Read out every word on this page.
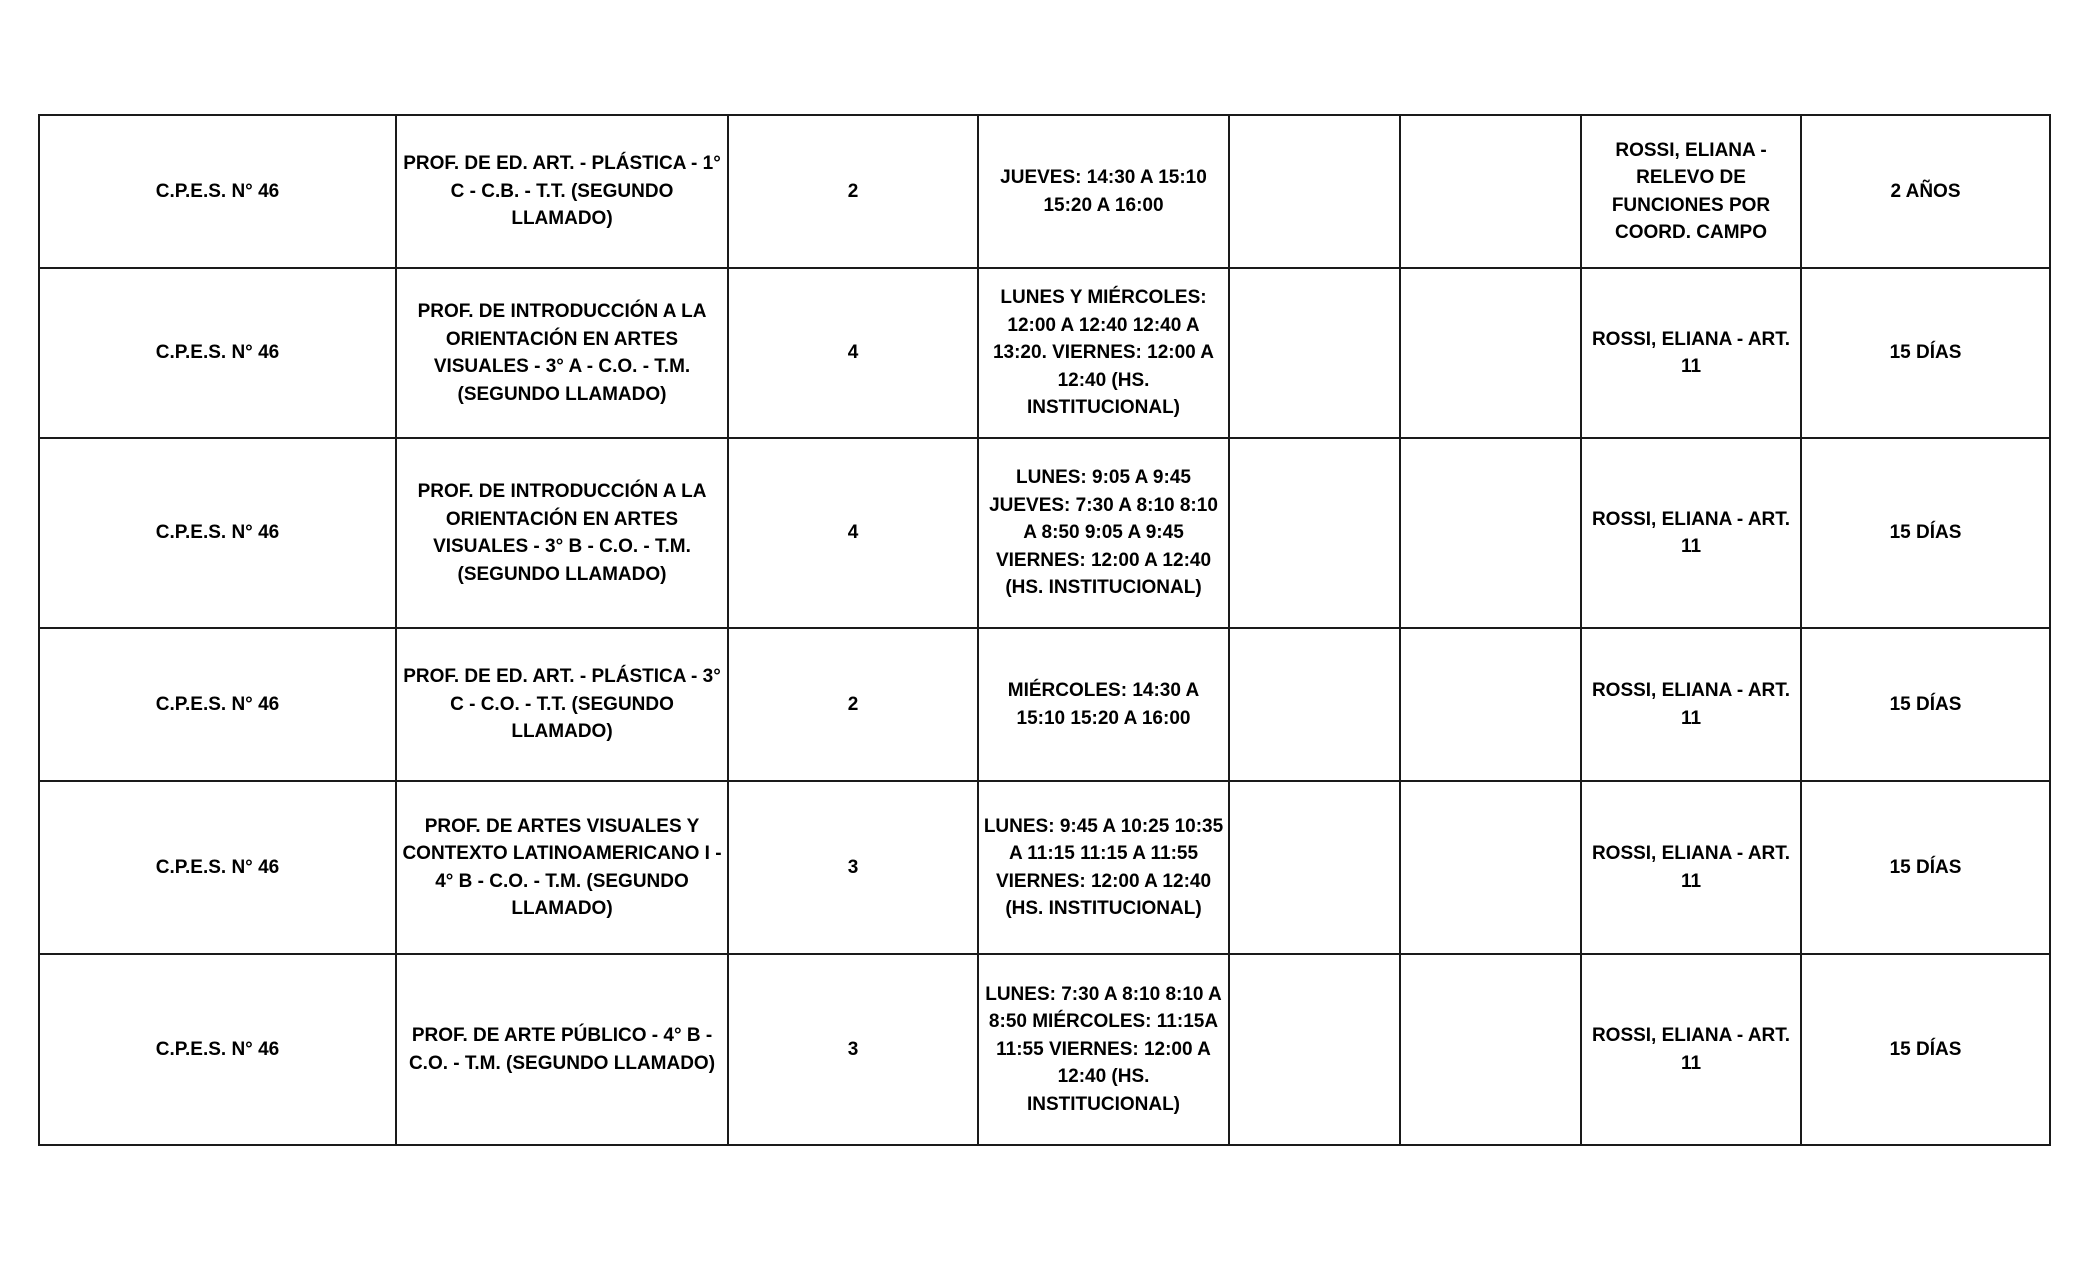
C.P.E.S. N° 46	PROF. DE ED. ART. - PLÁSTICA - 1° C - C.B. - T.T. (SEGUNDO LLAMADO)	2	JUEVES: 14:30 A 15:10 15:20 A 16:00			ROSSI, ELIANA - RELEVO DE FUNCIONES POR COORD. CAMPO	2 AÑOS
C.P.E.S. N° 46	PROF. DE INTRODUCCIÓN A LA ORIENTACIÓN EN ARTES VISUALES - 3° A - C.O. - T.M. (SEGUNDO LLAMADO)	4	LUNES Y MIÉRCOLES: 12:00 A 12:40 12:40 A 13:20. VIERNES: 12:00 A 12:40 (HS. INSTITUCIONAL)			ROSSI, ELIANA - ART. 11	15 DÍAS
C.P.E.S. N° 46	PROF. DE INTRODUCCIÓN A LA ORIENTACIÓN EN ARTES VISUALES - 3° B - C.O. - T.M. (SEGUNDO LLAMADO)	4	LUNES: 9:05 A 9:45 JUEVES: 7:30 A 8:10 8:10 A 8:50 9:05 A 9:45 VIERNES: 12:00 A 12:40 (HS. INSTITUCIONAL)			ROSSI, ELIANA - ART. 11	15 DÍAS
C.P.E.S. N° 46	PROF. DE ED. ART. - PLÁSTICA - 3° C - C.O. - T.T. (SEGUNDO LLAMADO)	2	MIÉRCOLES: 14:30 A 15:10 15:20 A 16:00			ROSSI, ELIANA - ART. 11	15 DÍAS
C.P.E.S. N° 46	PROF. DE ARTES VISUALES Y CONTEXTO LATINOAMERICANO I - 4° B - C.O. - T.M. (SEGUNDO LLAMADO)	3	LUNES: 9:45 A 10:25 10:35 A 11:15 11:15 A 11:55 VIERNES: 12:00 A 12:40 (HS. INSTITUCIONAL)			ROSSI, ELIANA - ART. 11	15 DÍAS
C.P.E.S. N° 46	PROF. DE ARTE PÚBLICO - 4° B - C.O. - T.M. (SEGUNDO LLAMADO)	3	LUNES: 7:30 A 8:10 8:10 A 8:50 MIÉRCOLES: 11:15A 11:55 VIERNES: 12:00 A 12:40 (HS. INSTITUCIONAL)			ROSSI, ELIANA - ART. 11	15 DÍAS
